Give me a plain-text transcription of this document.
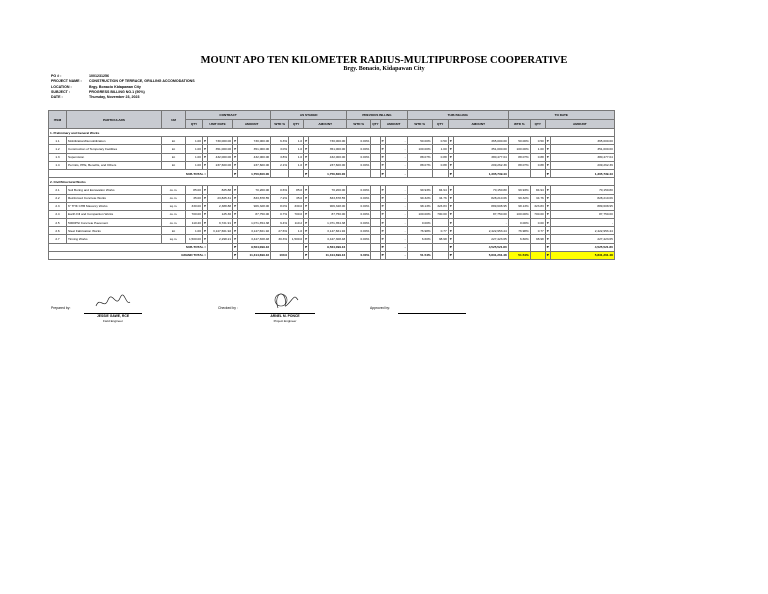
MOUNT APO TEN KILOMETER RADIUS-MULTIPURPOSE COOPERATIVE
Brgy. Bonacio, Kidapawan City
PO # :	1001231256
PROJECT NAME : CONSTRUCTION OF TERRACE, GRILLING ACCOMODATIONS
LOCATION :	Brgy. Bonacio Kidapawan City
SUBJECT :	PROGRESS BILLING NO.1 (50%)
DATE :	Thursday, November 23, 2023
ITEM	PARTICULARS	UM	CONTRACT					AS STAKED				PREVIOUS BILLING				THIS BILLING				TO DATE			
			QTY	UNIT RATE		AMOUNT		WTD %	QTY	AMOUNT		WTD %	QTY	AMOUNT		WTD %	QTY	AMOUNT		WTD %	QTY	AMOUNT	
1. Preliminary and General Works																							
1.1	Mobilization/Demobilization	lot	1.00	₱	730,000.00	₱	730,000.00	6.3%	1.0	₱	730,000.00	0.00%		₱	-	50.00%	0.50	₱	365,000.00	50.00%	0.50	₱	365,000.00
1.2	Construction of Temporary Facilities	lot	1.00	₱	351,000.00	₱	351,000.00	3.0%	1.0	₱	351,000.00	0.00%		₱	-	100.00%	1.00	₱	351,000.00	100.00%	1.00	₱	351,000.00
1.3	Supervision	lot	1.00	₱	432,000.00	₱	432,000.00	3.8%	1.0	₱	432,000.00	0.00%		₱	-	88.07%	0.88	₱	380,477.04	88.07%	0.88	₱	380,477.04
1.4	Permits, PPE, Benefits, and Others	lot	1.00	₱	237,600.00	₱	237,600.00	2.1%	1.0	₱	237,600.00	0.00%		₱	-	88.07%	0.88	₱	209,262.39	88.07%	0.88	₱	209,262.39
SUB-TOTAL =						₱	1,750,600.00			₱	1,750,600.00			₱	-			₱	1,305,739.43			₱	1,305,739.43
2. Civil/Structural Works																							
2.1	Soil Boring and Excavation Works	cu.m.	85.00	₱	825.88	₱	70,200.00	0.6%	85.0	₱	70,200.00	0.00%		₱	-	99.93%	84.94	₱	70,150.80	99.93%	84.94	₱	70,150.80
2.2	Reinforced Concrete Works	cu.m.	35.00	₱	23,825.31	₱	833,878.55	7.2%	35.0	₱	833,878.55	0.00%		₱	-	99.32%	34.76	₱	828,210.06	99.32%	34.76	₱	828,210.06
2.3	6" THK CHB Masonry Works	sq.m.	330.00	₱	2,388.88	₱	906,328.00	8.0%	330.0	₱	906,328.00	0.00%		₱	-	98.13%	323.83	₱	889,608.95	98.13%	323.83	₱	889,608.95
2.4	Earth Fill and Compaction Works	cu.m.	700.00	₱	125.36	₱	87,750.00	0.7%	700.0	₱	87,750.00	0.00%		₱	-	100.00%	700.00	₱	87,750.00	100.00%	700.00	₱	87,750.00
2.5	5000PSI Concrete Pavement	cu.m.	110.20	₱	9,721.91	₱	1,071,354.38	9.4%	110.2	₱	1,071,354.38	0.00%		₱	-	0.00%		₱	-	0.00%	0.00	₱	-
2.6	Steel Fabrication Works	lot	1.00	₱	3,147,661.92	₱	3,147,661.92	27.6%	1.0	₱	3,147,661.92	0.00%		₱	-	76.98%	0.77	₱	2,422,953.44	76.98%	0.77	₱	2,422,953.44
2.7	Tinning Works	sq.m.	1,500.00	₱	2,298.21	₱	3,447,308.48	30.3%	1,500.0	₱	3,447,308.48	0.00%		₱	-	6.60%	98.98	₱	227,423.65	6.60%	98.98	₱	227,423.65
SUB-TOTAL =						₱	9,564,099.16			₱	9,564,099.16			₱	-			₱	4,525,521.80			₱	4,525,521.80
GRAND TOTAL =						₱	11,314,699.16	100.0		₱	11,314,699.16	0.00%		₱	-	51.54%		₱	5,831,261.48	51.54%		₱	5,831,261.48
Prepared by:
JESSIE GAWE, RCE
Field Engineer
Checked by :
ARNEL M. PONCE
Project Engineer
Approved by:
